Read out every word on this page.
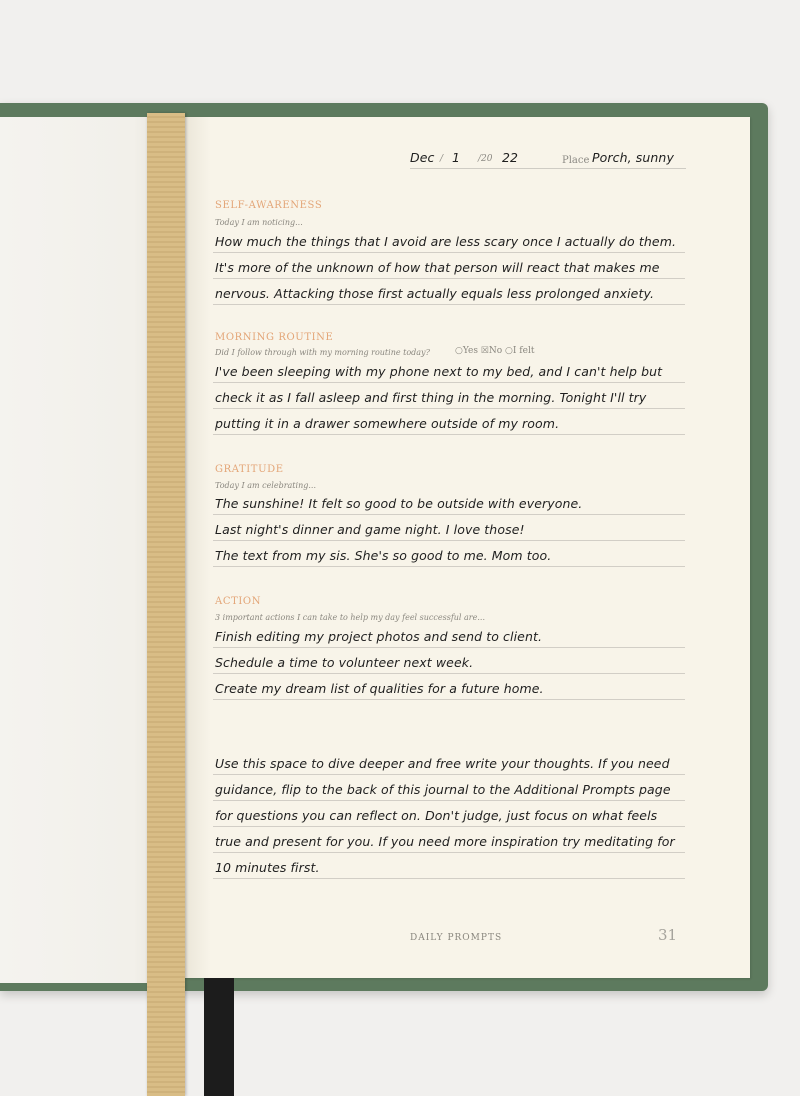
Dec / 1 /20 22	Place Porch, sunny
SELF-AWARENESS
Today I am noticing...
How much the things that I avoid are less scary once I actually do them.
It's more of the unknown of how that person will react that makes me
nervous. Attacking those first actually equals less prolonged anxiety.
MORNING ROUTINE
Did I follow through with my morning routine today?	○Yes ☒No ○I felt
I've been sleeping with my phone next to my bed, and I can't help but
check it as I fall asleep and first thing in the morning. Tonight I'll try
putting it in a drawer somewhere outside of my room.
GRATITUDE
Today I am celebrating...
The sunshine! It felt so good to be outside with everyone.
Last night's dinner and game night. I love those!
The text from my sis. She's so good to me. Mom too.
ACTION
3 important actions I can take to help my day feel successful are...
Finish editing my project photos and send to client.
Schedule a time to volunteer next week.
Create my dream list of qualities for a future home.
Use this space to dive deeper and free write your thoughts. If you need
guidance, flip to the back of this journal to the Additional Prompts page
for questions you can reflect on. Don't judge, just focus on what feels
true and present for you. If you need more inspiration try meditating for
10 minutes first.
DAILY PROMPTS	31
